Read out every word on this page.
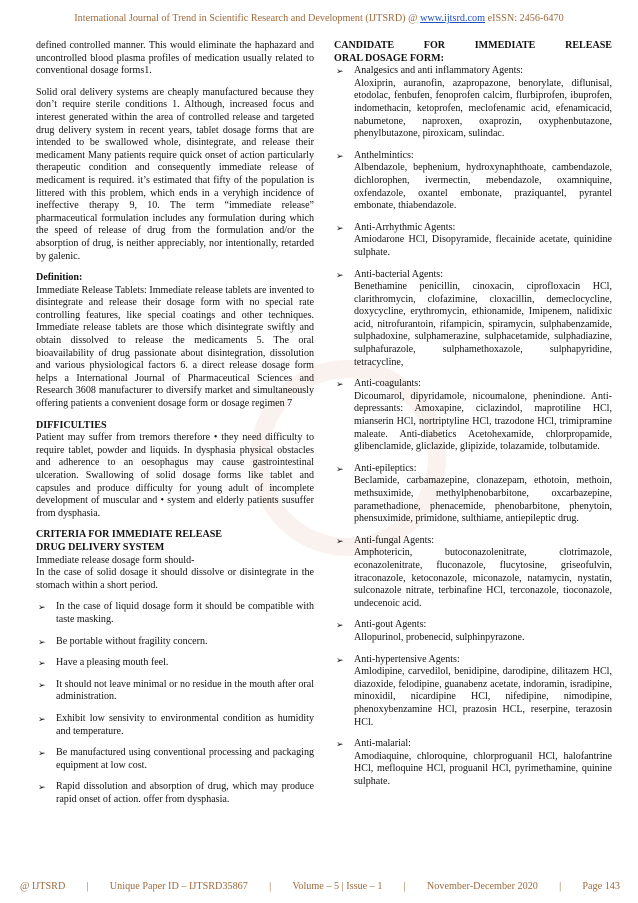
International Journal of Trend in Scientific Research and Development (IJTSRD) @ www.ijtsrd.com eISSN: 2456-6470

defined controlled manner. This would eliminate the haphazard and uncontrolled blood plasma profiles of medication usually related to conventional dosage forms1.

Solid oral delivery systems are cheaply manufactured because they don’t require sterile conditions 1. Although, increased focus and interest generated within the area of controlled release and targeted drug delivery system in recent years, tablet dosage forms that are intended to be swallowed whole, disintegrate, and release their medicament Many patients require quick onset of action particularly therapeutic condition and consequently immediate release of medicament is required. it’s estimated that fifty of the population is littered with this problem, which ends in a veryhigh incidence of ineffective therapy 9, 10. The term “immediate release” pharmaceutical formulation includes any formulation during which the speed of release of drug from the formulation and/or the absorption of drug, is neither appreciably, nor intentionally, retarded by galenic.

Definition:

Immediate Release Tablets: Immediate release tablets are invented to disintegrate and release their dosage form with no special rate controlling features, like special coatings and other techniques. Immediate release tablets are those which disintegrate swiftly and obtain dissolved to release the medicaments 5. The oral bioavailability of drug passionate about disintegration, dissolution and various physiological factors 6. a direct release dosage form helps a International Journal of Pharmaceutical Sciences and Research 3608 manufacturer to diversify market and simultaneously offering patients a convenient dosage form or dosage regimen 7

DIFFICULTIES

Patient may suffer from tremors therefore • they need difficulty to require tablet, powder and liquids. In dysphasia physical obstacles and adherence to an oesophagus may cause gastrointestinal ulceration. Swallowing of solid dosage forms like tablet and capsules and produce difficulty for young adult of incomplete development of muscular and • system and elderly patients susuffer from dysphasia.

CRITERIA FOR IMMEDIATE RELEASE
DRUG DELIVERY SYSTEM
Immediate release dosage form should-

In the case of solid dosage it should dissolve or disintegrate in the stomach within a short period.

➢ In the case of liquid dosage form it should be compatible with taste masking.
➢ Be portable without fragility concern.
➢ Have a pleasing mouth feel.
➢ It should not leave minimal or no residue in the mouth after oral administration.
➢ Exhibit low sensivity to environmental condition as humidity and temperature.
➢ Be manufactured using conventional processing and packaging equipment at low cost.
➢ Rapid dissolution and absorption of drug, which may produce rapid onset of action. offer from dysphasia.
CANDIDATE FOR IMMEDIATE RELEASE
ORAL DOSAGE FORM:
➢ Analgesics and anti inflammatory Agents:
Aloxiprin, auranofin, azapropazone, benorylate, diflunisal, etodolac, fenbufen, fenoprofen calcim, flurbiprofen, ibuprofen, indomethacin, ketoprofen, meclofenamic acid, efenamicacid, nabumetone, naproxen, oxaprozin, oxyphenbutazone, phenylbutazone, piroxicam, sulindac.
➢ Anthelmintics:
Albendazole, bephenium, hydroxynaphthoate, cambendazole, dichlorophen, ivermectin, mebendazole, oxamniquine, oxfendazole, oxantel embonate, praziquantel, pyrantel embonate, thiabendazole.
➢ Anti-Arrhythmic Agents:
Amiodarone HCl, Disopyramide, flecainide acetate, quinidine sulphate.
➢ Anti-bacterial Agents:
Benethamine penicillin, cinoxacin, ciprofloxacin HCl, clarithromycin, clofazimine, cloxacillin, demeclocycline, doxycycline, erythromycin, ethionamide, Imipenem, nalidixic acid, nitrofurantoin, rifampicin, spiramycin, sulphabenzamide, sulphadoxine, sulphamerazine, sulphacetamide, sulphadiazine, sulphafurazole, sulphamethoxazole, sulphapyridine, tetracycline,
➢ Anti-coagulants:
Dicoumarol, dipyridamole, nicoumalone, phenindione. Anti-depressants: Amoxapine, ciclazindol, maprotiline HCl, mianserin HCl, nortriptyline HCl, trazodone HCl, trimipramine maleate. Anti-diabetics Acetohexamide, chlorpropamide, glibenclamide, gliclazide, glipizide, tolazamide, tolbutamide.
➢ Anti-epileptics:
Beclamide, carbamazepine, clonazepam, ethotoin, methoin, methsuximide, methylphenobarbitone, oxcarbazepine, paramethadione, phenacemide, phenobarbitone, phenytoin, phensuximide, primidone, sulthiame, antiepileptic drug.
➢ Anti-fungal Agents:
Amphotericin, butoconazolenitrate, clotrimazole, econazolenitrate, fluconazole, flucytosine, griseofulvin, itraconazole, ketoconazole, miconazole, natamycin, nystatin, sulconazole nitrate, terbinafine HCl, terconazole, tioconazole, undecenoic acid.
➢ Anti-gout Agents:
Allopurinol, probenecid, sulphinpyrazone.
➢ Anti-hypertensive Agents:
Amlodipine, carvedilol, benidipine, darodipine, dilitazem HCl, diazoxide, felodipine, guanabenz acetate, indoramin, isradipine, minoxidil, nicardipine HCl, nifedipine, nimodipine, phenoxybenzamine HCl, prazosin HCL, reserpine, terazosin HCl.
➢ Anti-malarial:
Amodiaquine, chloroquine, chlorproguanil HCl, halofantrine HCl, mefloquine HCl, proguanil HCl, pyrimethamine, quinine sulphate.
@ IJTSRD | Unique Paper ID – IJTSRD35867 | Volume – 5 | Issue – 1 | November-December 2020 | Page 143
